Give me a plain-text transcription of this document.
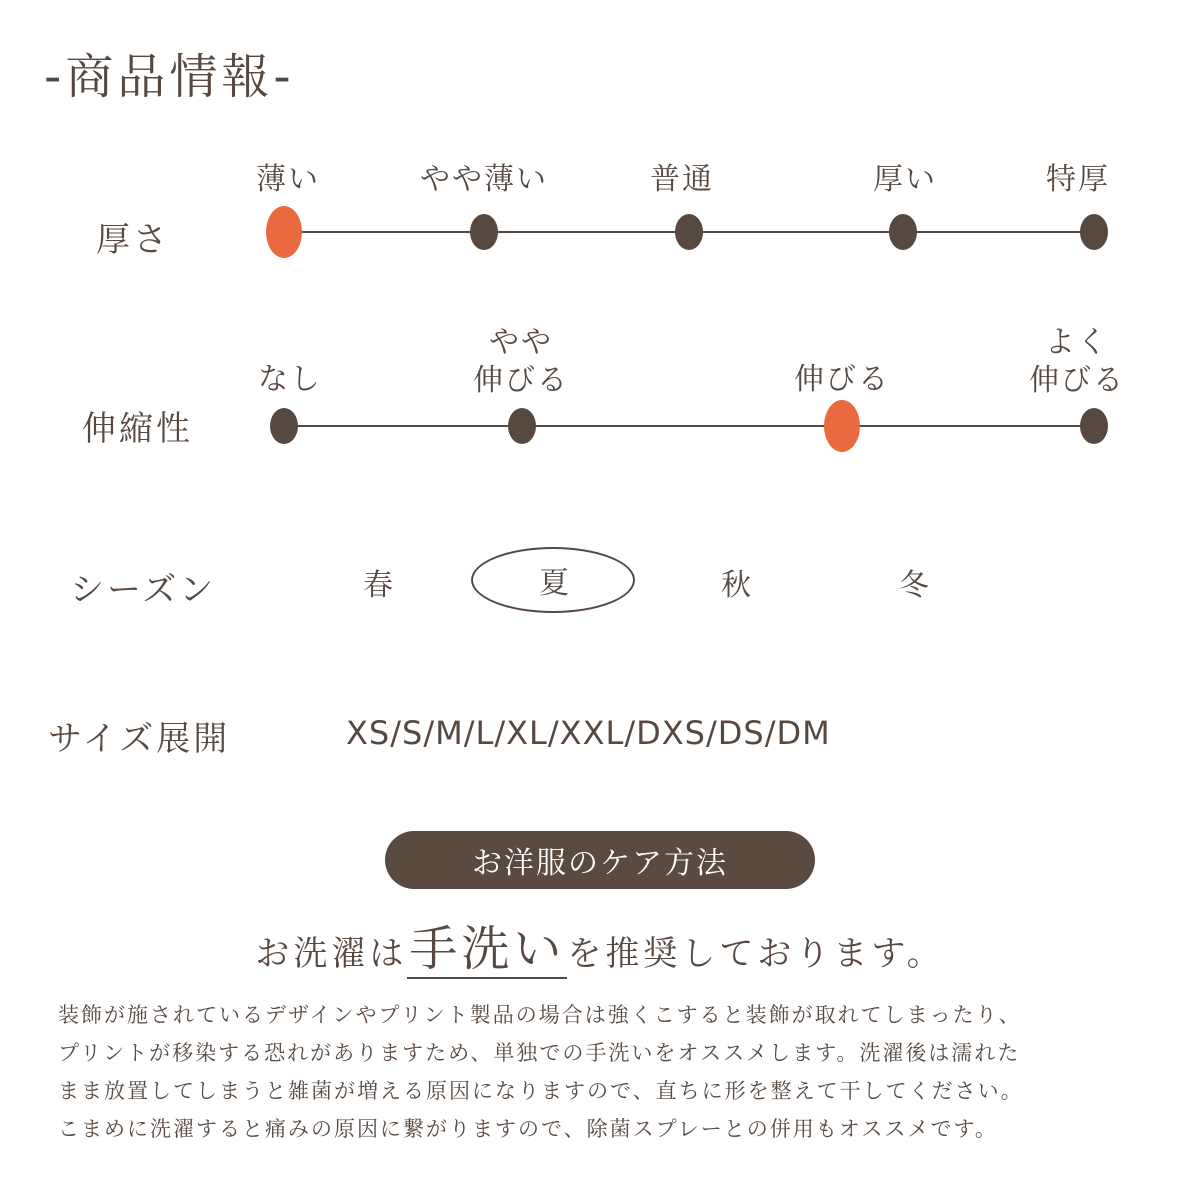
-商品情報-
厚さ
薄い	やや薄い	普通	厚い	特厚
伸縮性
なし
やや
伸びる	伸びる
よく
伸びる
シーズン	春	夏	秋	冬
サイズ展開	XS/S/M/L/XL/XXL/DXS/DS/DM
お洋服のケア方法
お洗濯は手洗いを推奨しております。

装飾が施されているデザインやプリント製品の場合は強くこすると装飾が取れてしまったり、

プリントが移染する恐れがありますため、単独での手洗いをオススメします。洗濯後は濡れた

まま放置してしまうと雑菌が増える原因になりますので、直ちに形を整えて干してください。

こまめに洗濯すると痛みの原因に繋がりますので、除菌スプレーとの併用もオススメです。
